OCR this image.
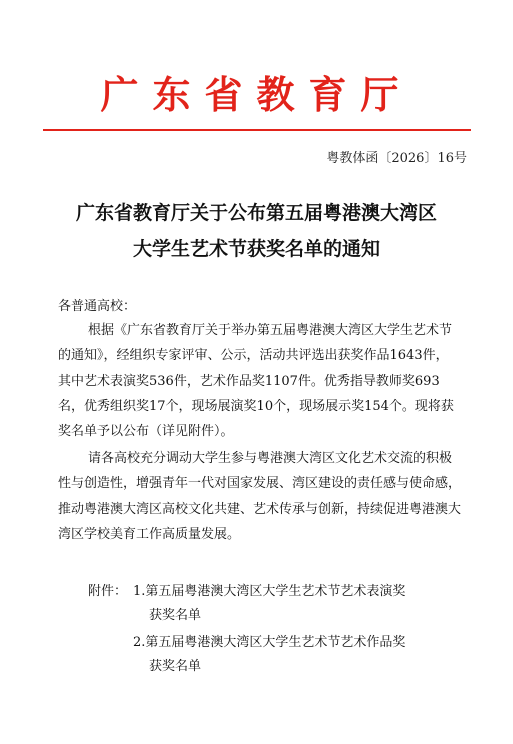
广东省教育厅
粤教体函〔2026〕16号
广东省教育厅关于公布第五届粤港澳大湾区
大学生艺术节获奖名单的通知
各普通高校：
根据《广东省教育厅关于举办第五届粤港澳大湾区大学生艺术节的通知》，经组织专家评审、公示，活动共评选出获奖作品1643件，其中艺术表演奖536件，艺术作品奖1107件。优秀指导教师奖693名，优秀组织奖17个，现场展演奖10个，现场展示奖154个。现将获奖名单予以公布（详见附件）。
请各高校充分调动大学生参与粤港澳大湾区文化艺术交流的积极性与创造性，增强青年一代对国家发展、湾区建设的责任感与使命感，推动粤港澳大湾区高校文化共建、艺术传承与创新，持续促进粤港澳大湾区学校美育工作高质量发展。
附件： 1.第五届粤港澳大湾区大学生艺术节艺术表演奖
获奖名单
2.第五届粤港澳大湾区大学生艺术节艺术作品奖
获奖名单
